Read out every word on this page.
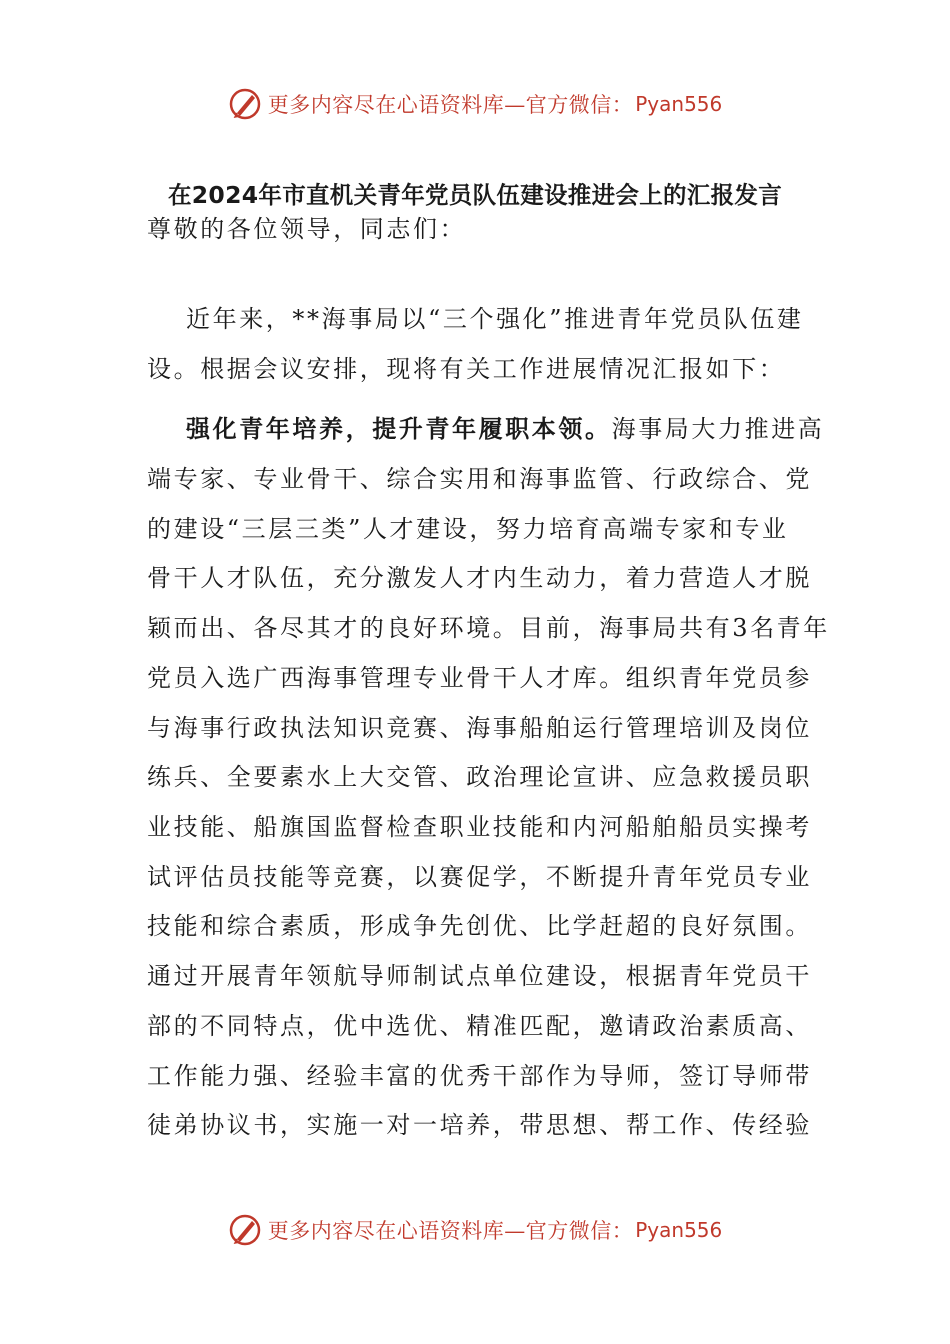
更多内容尽在心语资料库—官方微信： Pyan556
在2024年市直机关青年党员队伍建设推进会上的汇报发言
尊敬的各位领导，同志们：
近年来，**海事局以“三个强化”推进青年党员队伍建
设。根据会议安排，现将有关工作进展情况汇报如下：
强化青年培养，提升青年履职本领。海事局大力推进高
端专家、专业骨干、综合实用和海事监管、行政综合、党
的建设“三层三类”人才建设，努力培育高端专家和专业
骨干人才队伍，充分激发人才内生动力，着力营造人才脱
颖而出、各尽其才的良好环境。目前，海事局共有3名青年
党员入选广西海事管理专业骨干人才库。组织青年党员参
与海事行政执法知识竞赛、海事船舶运行管理培训及岗位
练兵、全要素水上大交管、政治理论宣讲、应急救援员职
业技能、船旗国监督检查职业技能和内河船舶船员实操考
试评估员技能等竞赛，以赛促学，不断提升青年党员专业
技能和综合素质，形成争先创优、比学赶超的良好氛围。
通过开展青年领航导师制试点单位建设，根据青年党员干
部的不同特点，优中选优、精准匹配，邀请政治素质高、
工作能力强、经验丰富的优秀干部作为导师，签订导师带
徒弟协议书，实施一对一培养，带思想、帮工作、传经验
更多内容尽在心语资料库—官方微信： Pyan556
